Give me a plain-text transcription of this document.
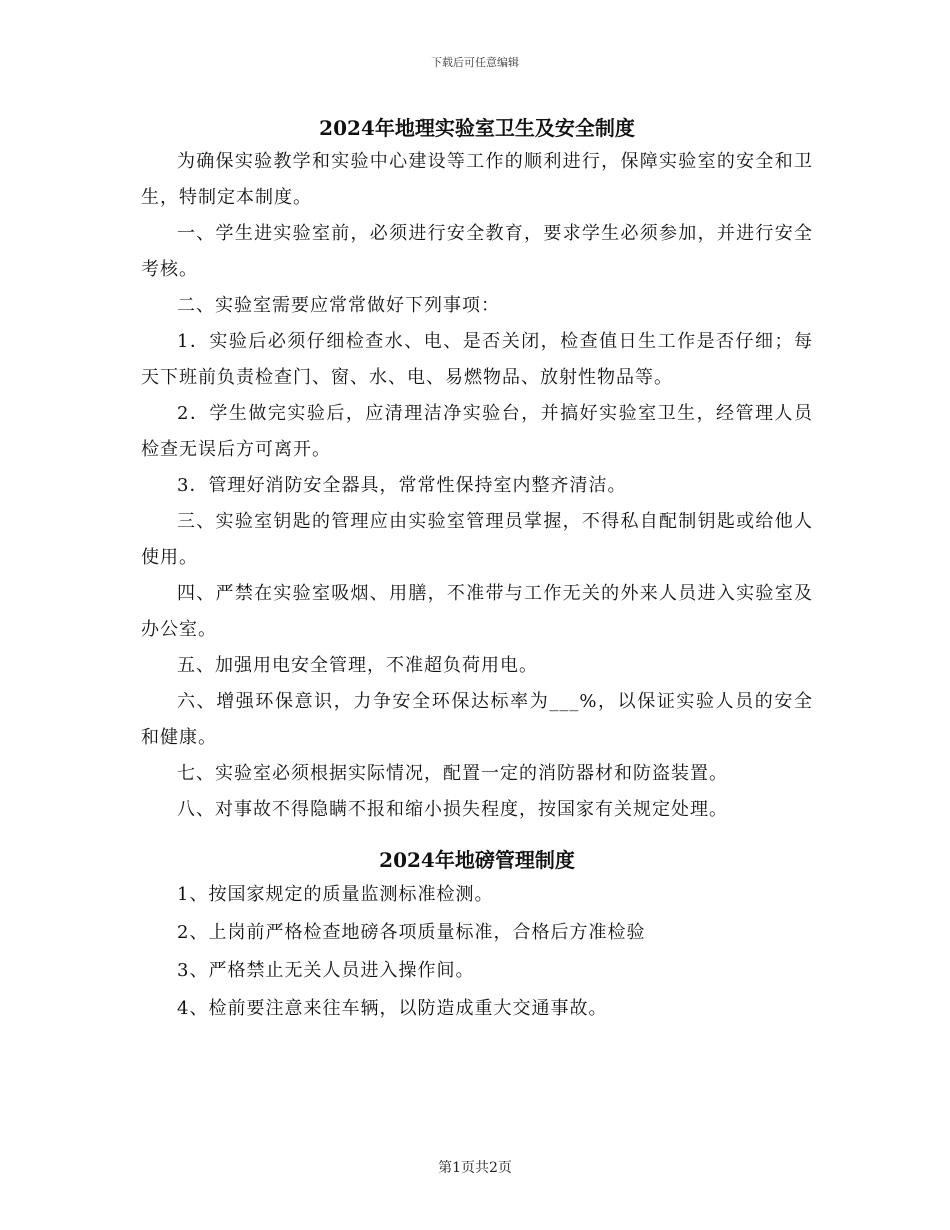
下载后可任意编辑
2024年地理实验室卫生及安全制度

为确保实验教学和实验中心建设等工作的顺利进行，保障实验室的安全和卫生，特制定本制度。

一、学生进实验室前，必须进行安全教育，要求学生必须参加，并进行安全考核。

二、实验室需要应常常做好下列事项：

1．实验后必须仔细检查水、电、是否关闭，检查值日生工作是否仔细；每天下班前负责检查门、窗、水、电、易燃物品、放射性物品等。

2．学生做完实验后，应清理洁净实验台，并搞好实验室卫生，经管理人员检查无误后方可离开。

3．管理好消防安全器具，常常性保持室内整齐清洁。

三、实验室钥匙的管理应由实验室管理员掌握，不得私自配制钥匙或给他人使用。

四、严禁在实验室吸烟、用膳，不准带与工作无关的外来人员进入实验室及办公室。

五、加强用电安全管理，不准超负荷用电。

六、增强环保意识，力争安全环保达标率为___%，以保证实验人员的安全和健康。

七、实验室必须根据实际情况，配置一定的消防器材和防盗装置。

八、对事故不得隐瞒不报和缩小损失程度，按国家有关规定处理。

2024年地磅管理制度

1、按国家规定的质量监测标准检测。

2、上岗前严格检查地磅各项质量标准，合格后方准检验

3、严格禁止无关人员进入操作间。

4、检前要注意来往车辆，以防造成重大交通事故。

第1页共2页
